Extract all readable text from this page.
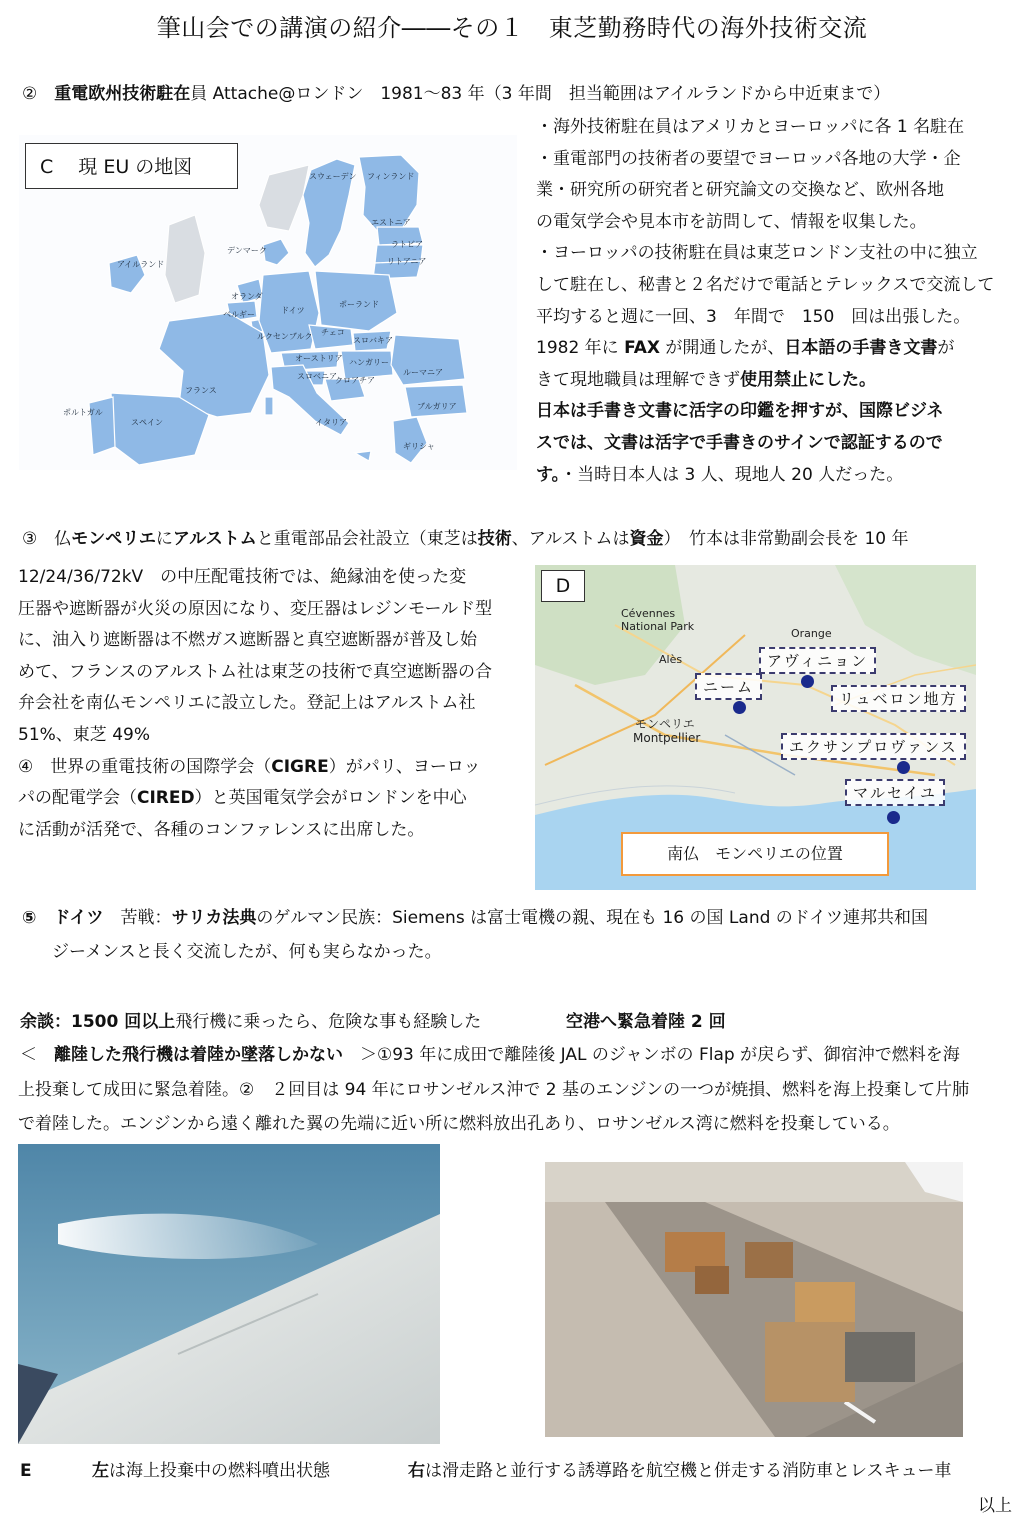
筆山会での講演の紹介――その１　東芝勤務時代の海外技術交流
②　 重電欧州技術駐在員 Attache@ロンドン　1981～83 年（3 年間　担当範囲はアイルランドから中近東まで）
・海外技術駐在員はアメリカとヨーロッパに各 1 名駐在
・重電部門の技術者の要望でヨーロッパ各地の大学・企
業・研究所の研究者と研究論文の交換など、欧州各地
の電気学会や見本市を訪問して、情報を収集した。
・ヨーロッパの技術駐在員は東芝ロンドン支社の中に独立
して駐在し、秘書と２名だけで電話とテレックスで交流して
平均すると週に一回、3　年間で　150　回は出張した。
1982 年に FAX が開通したが、日本語の手書き文書が
きて現地職員は理解できず使用禁止にした。
日本は手書き文書に活字の印鑑を押すが、国際ビジネ
スでは、文書は活字で手書きのサインで認証するので
す。・当時日本人は 3 人、現地人 20 人だった。
アイルランド
スウェーデン フィンランド
エストニア
ラトビア
リトアニア
デンマーク
オランダ
ベルギー
ルクセンブルク
ドイツ
ポーランド
チェコ
スロバキア
オーストリア ハンガリー
スロベニア
クロアチア
ルーマニア
ブルガリア
フランス
ポルトガル
スペイン	イタリア
ギリシャ
C　 現 EU の地図
③　仏モンペリエにアルストムと重電部品会社設立（東芝は技術、アルストムは資金）　竹本は非常勤副会長を 10 年
12/24/36/72kV　の中圧配電技術では、絶縁油を使った変
圧器や遮断器が火災の原因になり、変圧器はレジンモールド型
に、油入り遮断器は不燃ガス遮断器と真空遮断器が普及し始
めて、フランスのアルストム社は東芝の技術で真空遮断器の合
弁会社を南仏モンペリエに設立した。登記上はアルストム社
51%、東芝 49%
④　世界の重電技術の国際学会（CIGRE）がパリ、ヨーロッ
パの配電学会（CIRED）と英国電気学会がロンドンを中心
に活動が活発で、各種のコンファレンスに出席した。
D
Cévennes
National Park
Alès
Orange
アヴィニョン
ニーム
リュベロン地方
エクサンプロヴァンス
マルセイユ
モンペリエ
Montpellier
南仏　モンペリエの位置
⑤　 ドイツ　苦戦：サリカ法典のゲルマン民族：Siemens は富士電機の親、現在も 16 の国 Land のドイツ連邦共和国
ジーメンスと長く交流したが、何も実らなかった。
余談：1500 回以上飛行機に乗ったら、危険な事も経験した	空港へ緊急着陸 2 回
＜　離陸した飛行機は着陸か墜落しかない　＞①93 年に成田で離陸後 JAL のジャンボの Flap が戻らず、御宿沖で燃料を海
上投棄して成田に緊急着陸。②　２回目は 94 年にロサンゼルス沖で 2 基のエンジンの一つが焼損、燃料を海上投棄して片肺
で着陸した。エンジンから遠く離れた翼の先端に近い所に燃料放出孔あり、ロサンゼルス湾に燃料を投棄している。
E	左は海上投棄中の燃料噴出状態	右は滑走路と並行する誘導路を航空機と併走する消防車とレスキュー車
以上
